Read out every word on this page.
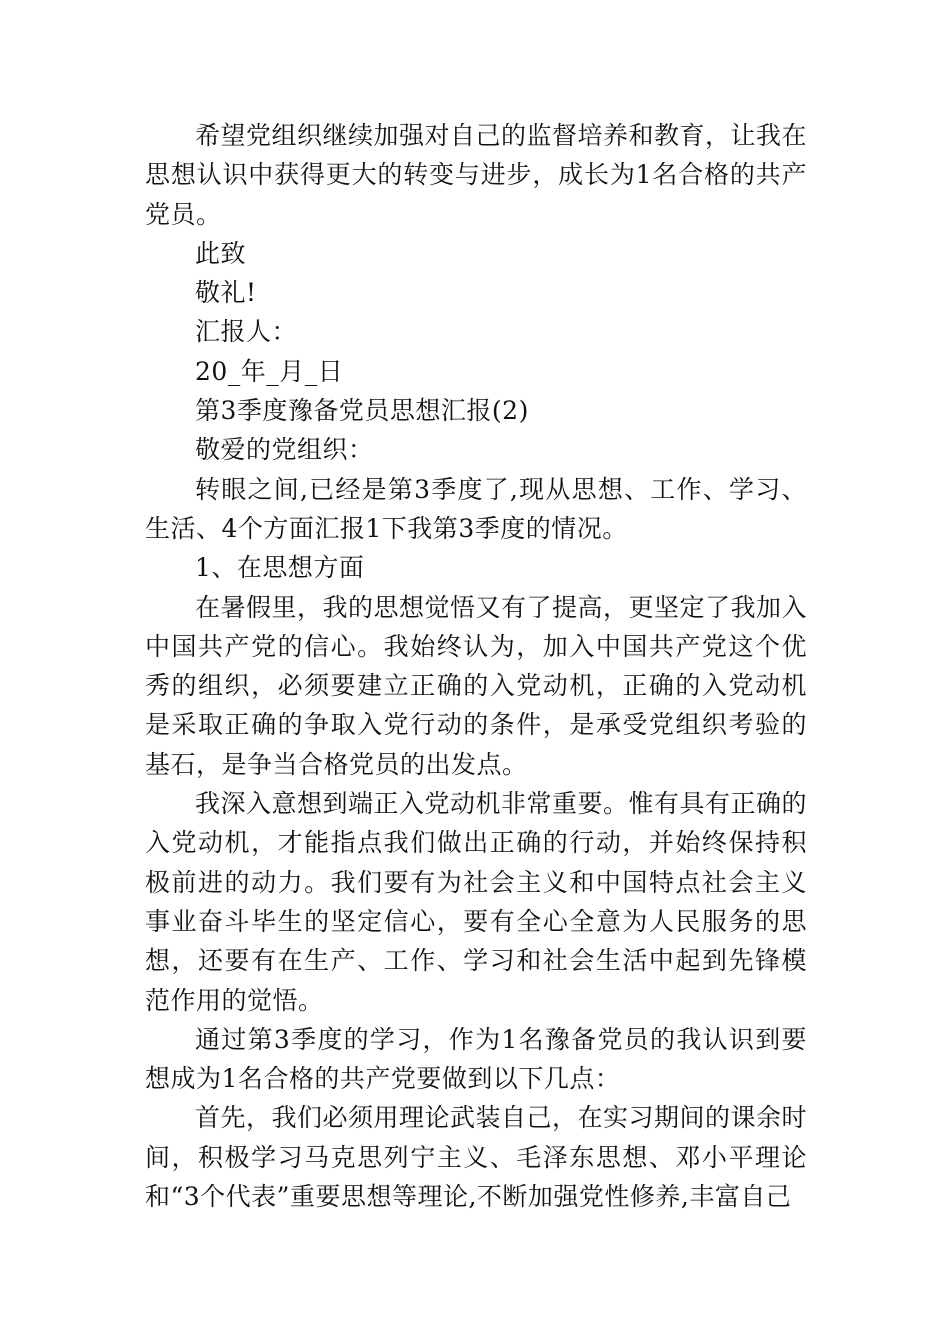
希望党组织继续加强对自己的监督培养和教育，让我在思想认识中获得更大的转变与进步，成长为1名合格的共产党员。

此致

敬礼!

汇报人：

20_年_月_日

第3季度豫备党员思想汇报(2)

敬爱的党组织：

转眼之间,已经是第3季度了,现从思想、工作、学习、生活、4个方面汇报1下我第3季度的情况。

1、在思想方面

在暑假里，我的思想觉悟又有了提高，更坚定了我加入中国共产党的信心。我始终认为，加入中国共产党这个优秀的组织，必须要建立正确的入党动机，正确的入党动机是采取正确的争取入党行动的条件，是承受党组织考验的基石，是争当合格党员的出发点。

我深入意想到端正入党动机非常重要。惟有具有正确的入党动机，才能指点我们做出正确的行动，并始终保持积极前进的动力。我们要有为社会主义和中国特点社会主义事业奋斗毕生的坚定信心，要有全心全意为人民服务的思想，还要有在生产、工作、学习和社会生活中起到先锋模范作用的觉悟。

通过第3季度的学习，作为1名豫备党员的我认识到要想成为1名合格的共产党要做到以下几点：

首先，我们必须用理论武装自己，在实习期间的课余时间，积极学习马克思列宁主义、毛泽东思想、邓小平理论和“3个代表”重要思想等理论,不断加强党性修养,丰富自己
